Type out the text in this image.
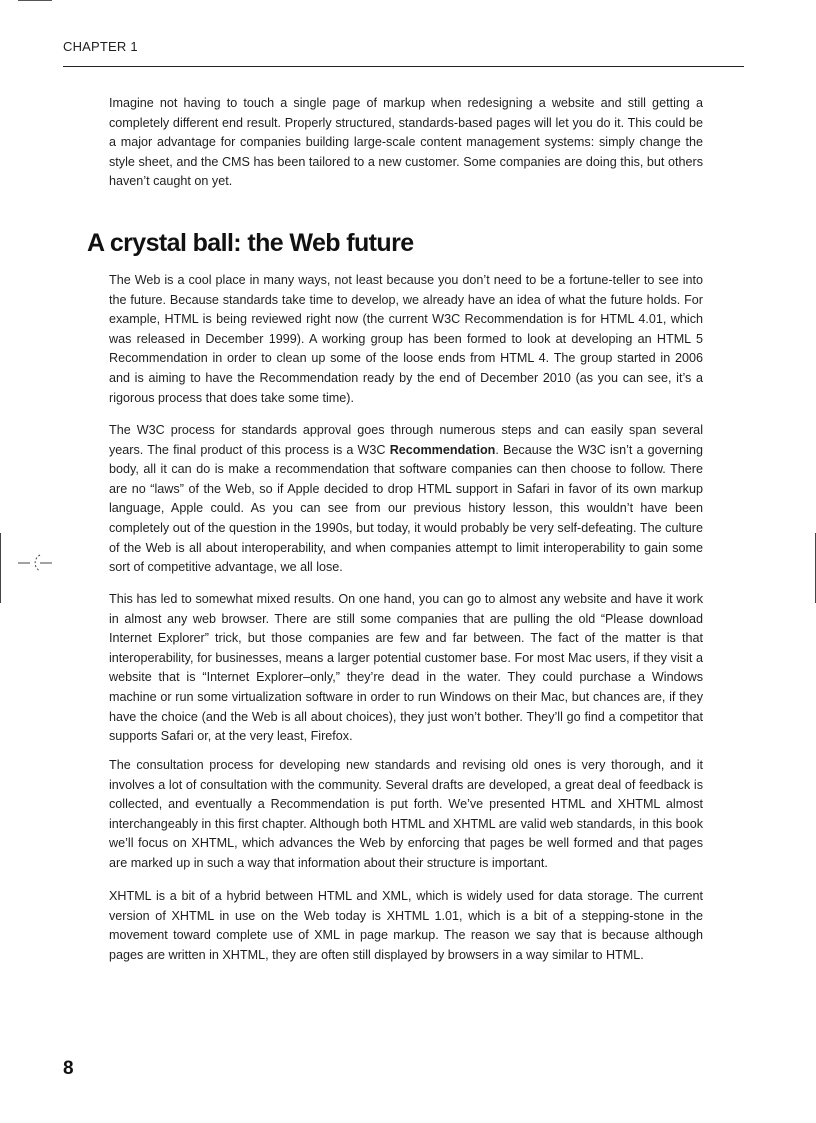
CHAPTER 1

Imagine not having to touch a single page of markup when redesigning a website and still getting a completely different end result. Properly structured, standards-based pages will let you do it. This could be a major advantage for companies building large-scale content management systems: simply change the style sheet, and the CMS has been tailored to a new customer. Some companies are doing this, but others haven’t caught on yet.

A crystal ball: the Web future

The Web is a cool place in many ways, not least because you don’t need to be a fortune-teller to see into the future. Because standards take time to develop, we already have an idea of what the future holds. For example, HTML is being reviewed right now (the current W3C Recommendation is for HTML 4.01, which was released in December 1999). A working group has been formed to look at developing an HTML 5 Recommendation in order to clean up some of the loose ends from HTML 4. The group started in 2006 and is aiming to have the Recommendation ready by the end of December 2010 (as you can see, it’s a rigorous process that does take some time).

The W3C process for standards approval goes through numerous steps and can easily span several years. The final product of this process is a W3C Recommendation. Because the W3C isn’t a governing body, all it can do is make a recommendation that software companies can then choose to follow. There are no “laws” of the Web, so if Apple decided to drop HTML support in Safari in favor of its own markup language, Apple could. As you can see from our previous history lesson, this wouldn’t have been completely out of the question in the 1990s, but today, it would probably be very self-defeating. The culture of the Web is all about interoperability, and when companies attempt to limit interoperability to gain some sort of competitive advantage, we all lose.

This has led to somewhat mixed results. On one hand, you can go to almost any website and have it work in almost any web browser. There are still some companies that are pulling the old “Please download Internet Explorer” trick, but those companies are few and far between. The fact of the matter is that interoperability, for businesses, means a larger potential customer base. For most Mac users, if they visit a website that is “Internet Explorer–only,” they’re dead in the water. They could purchase a Windows machine or run some virtualization software in order to run Windows on their Mac, but chances are, if they have the choice (and the Web is all about choices), they just won’t bother. They’ll go find a competitor that supports Safari or, at the very least, Firefox.

The consultation process for developing new standards and revising old ones is very thorough, and it involves a lot of consultation with the community. Several drafts are developed, a great deal of feedback is collected, and eventually a Recommendation is put forth. We’ve presented HTML and XHTML almost interchangeably in this first chapter. Although both HTML and XHTML are valid web standards, in this book we’ll focus on XHTML, which advances the Web by enforcing that pages be well formed and that pages are marked up in such a way that information about their structure is important.

XHTML is a bit of a hybrid between HTML and XML, which is widely used for data storage. The current version of XHTML in use on the Web today is XHTML 1.01, which is a bit of a stepping-stone in the movement toward complete use of XML in page markup. The reason we say that is because although pages are written in XHTML, they are often still displayed by browsers in a way similar to HTML.

8
